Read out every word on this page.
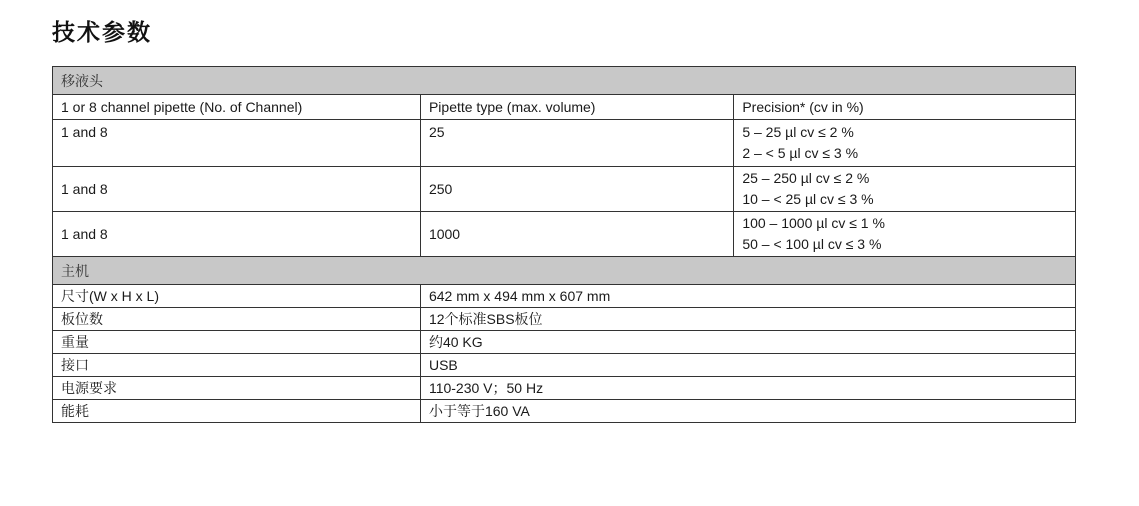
技术参数
移液头		
1 or 8 channel pipette (No. of Channel)	Pipette type (max. volume)	Precision* (cv in %)
1 and 8	25	5 – 25 µl cv ≤ 2 %
2 – < 5 µl cv ≤ 3 %

1 and 8	250	25 – 250 µl cv ≤ 2 %
10 – < 25 µl cv ≤ 3 %

1 and 8	1000	100 – 1000 µl cv ≤ 1 %
50 – < 100 µl cv ≤ 3 %

主机		
尺寸(W x H x L)	642 mm x 494 mm x 607 mm	
板位数	12个标准SBS板位	
重量	约40 KG	
接口	USB	
电源要求	110-230 V；50 Hz	
能耗	小于等于160 VA	
